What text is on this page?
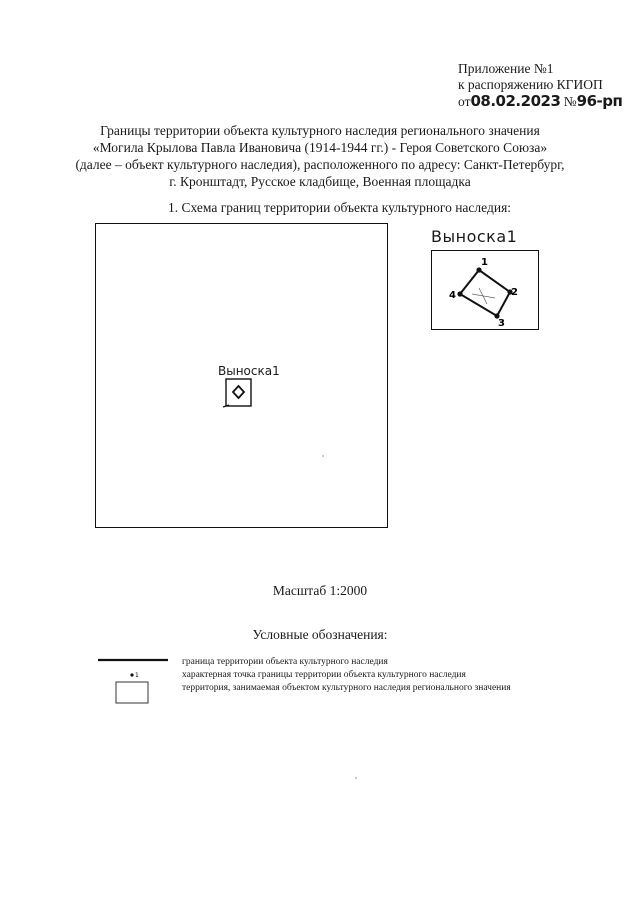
Приложение №1
к распоряжению КГИОП
от08.02.2023 №96-рп
Границы территории объекта культурного наследия регионального значения
«Могила Крылова Павла Ивановича (1914-1944 гг.) - Героя Советского Союза»
(далее – объект культурного наследия), расположенного по адресу: Санкт-Петербург,
г. Кронштадт, Русское кладбище, Военная площадка
1. Схема границ территории объекта культурного наследия:
Выноска1
Выноска1
1
2
3
4
Масштаб 1:2000
Условные обозначения:
1
граница территории объекта культурного наследия
характерная точка границы территории объекта культурного наследия
территория, занимаемая объектом культурного наследия регионального значения
